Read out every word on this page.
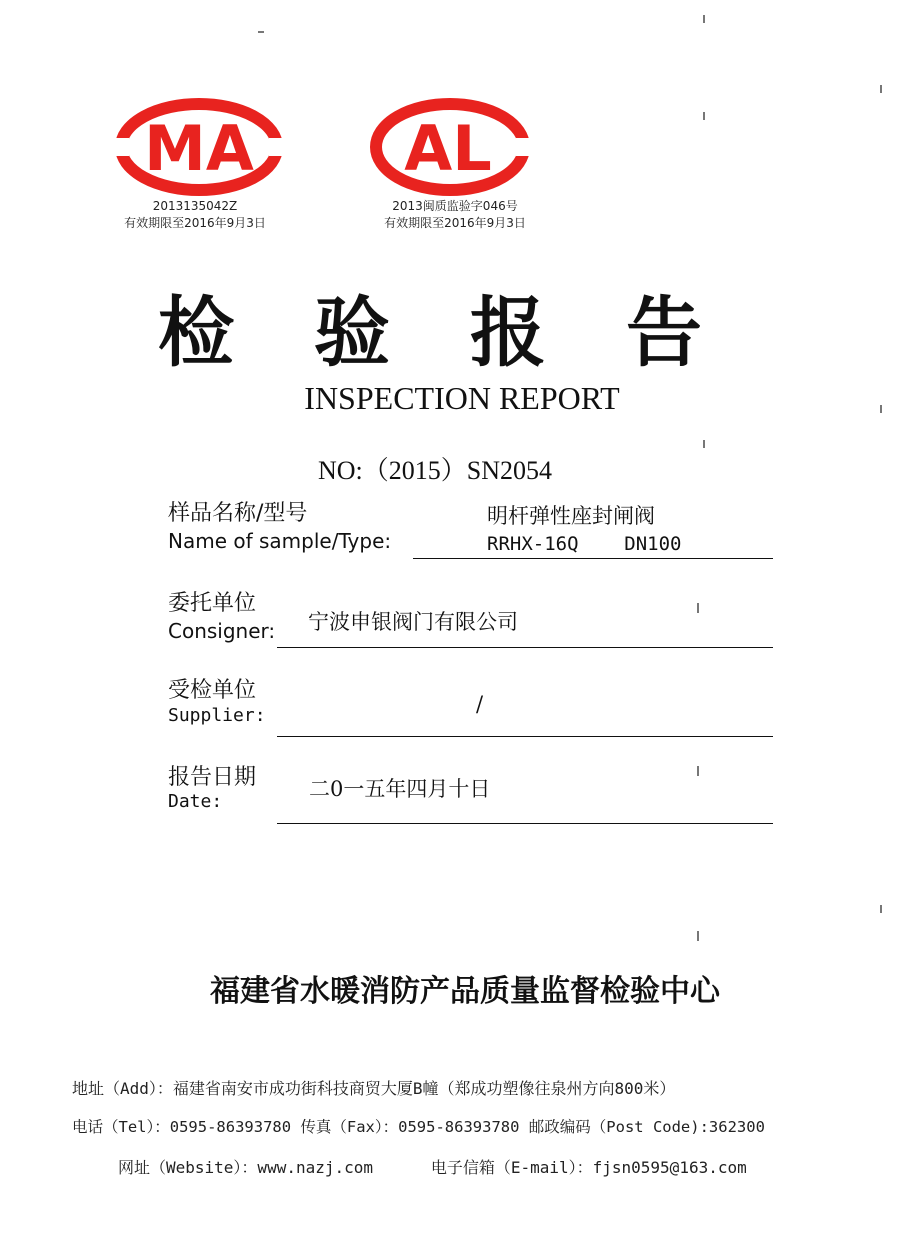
MA
2013135042Z
有效期限至2016年9月3日
AL
2013闽质监验字046号
有效期限至2016年9月3日
检验报告
INSPECTION REPORT
NO:（2015）SN2054
样品名称/型号
Name of sample/Type:
明杆弹性座封闸阀
RRHX-16Q    DN100
委托单位
Consigner: 宁波申银阀门有限公司
受检单位
Supplier:	/
报告日期
Date:
二0一五年四月十日
福建省水暖消防产品质量监督检验中心
地址（Add）：福建省南安市成功街科技商贸大厦B幢（郑成功塑像往泉州方向800米）
电话（Tel）：0595-86393780 传真（Fax）：0595-86393780 邮政编码（Post Code):362300
网址（Website）：www.nazj.com      电子信箱（E-mail）：fjsn0595@163.com
